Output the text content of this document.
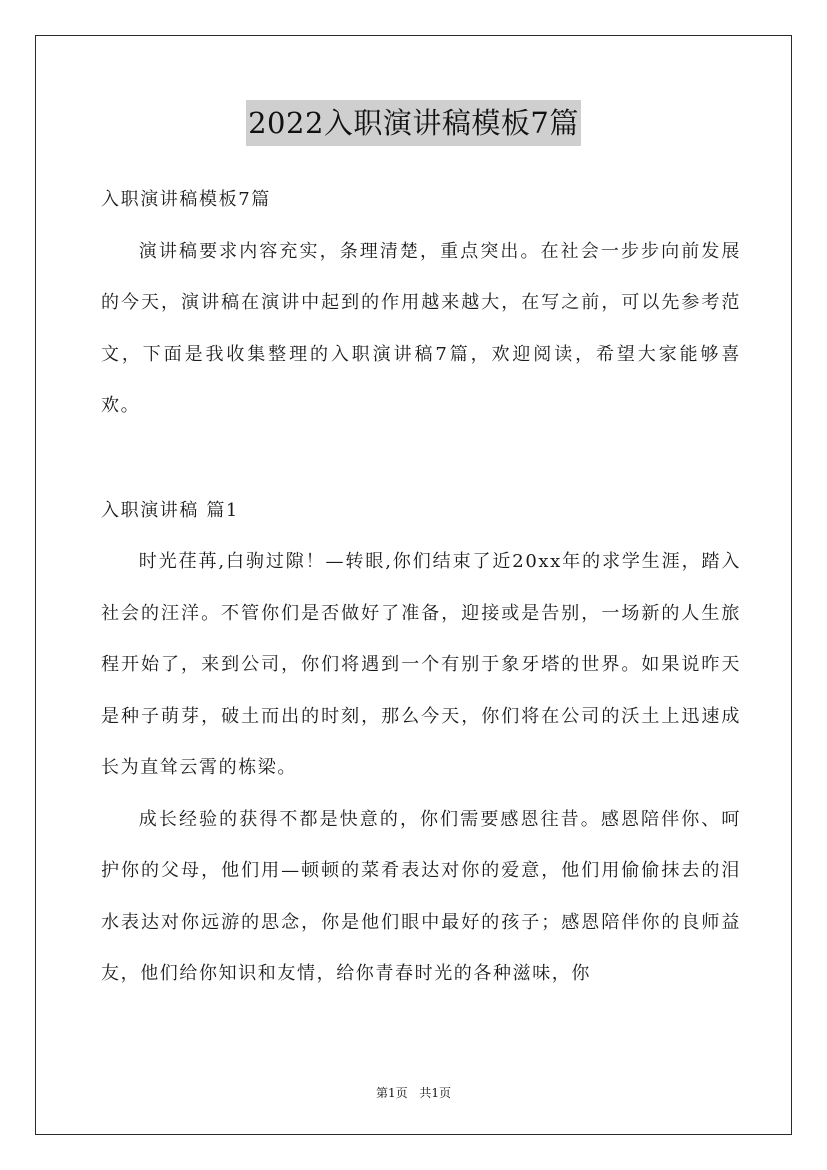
2022入职演讲稿模板7篇

入职演讲稿模板7篇

演讲稿要求内容充实，条理清楚，重点突出。在社会一步步向前发展的今天，演讲稿在演讲中起到的作用越来越大，在写之前，可以先参考范文，下面是我收集整理的入职演讲稿7篇，欢迎阅读，希望大家能够喜欢。

入职演讲稿 篇1

时光荏苒,白驹过隙！—转眼,你们结束了近20xx年的求学生涯，踏入社会的汪洋。不管你们是否做好了准备，迎接或是告别，一场新的人生旅程开始了，来到公司，你们将遇到一个有别于象牙塔的世界。如果说昨天是种子萌芽，破土而出的时刻，那么今天，你们将在公司的沃土上迅速成长为直耸云霄的栋梁。

成长经验的获得不都是快意的，你们需要感恩往昔。感恩陪伴你、呵护你的父母，他们用—顿顿的菜肴表达对你的爱意，他们用偷偷抹去的泪水表达对你远游的思念，你是他们眼中最好的孩子；感恩陪伴你的良师益友，他们给你知识和友情，给你青春时光的各种滋味，你

第1页 共1页
